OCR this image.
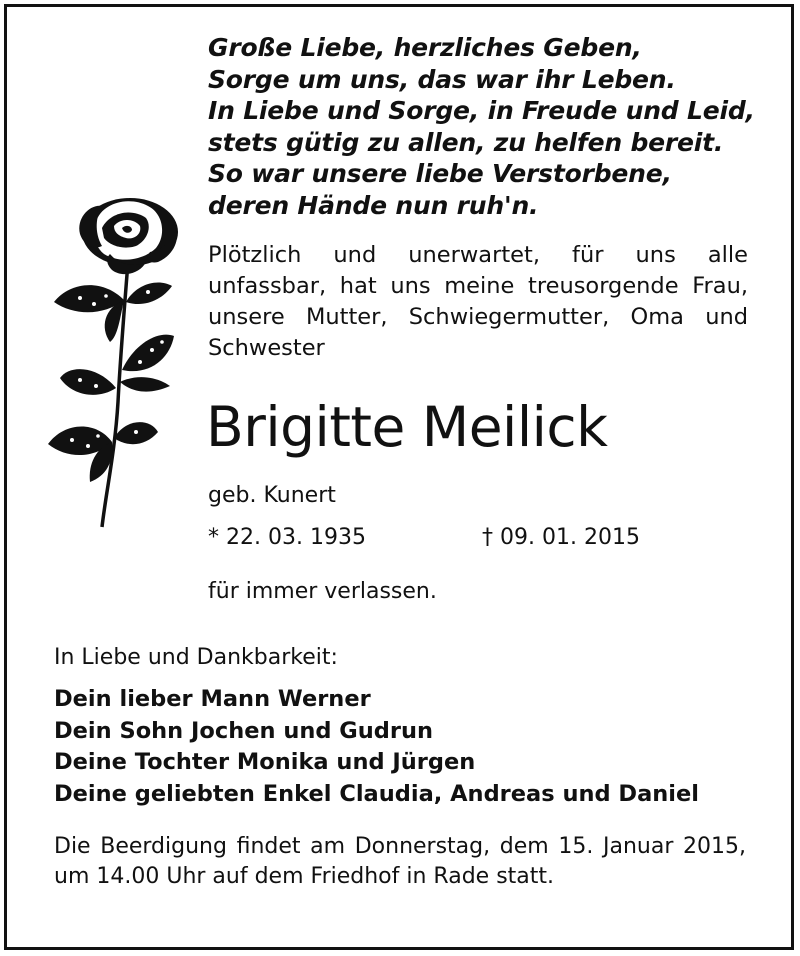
Große Liebe, herzliches Geben,
Sorge um uns, das war ihr Leben.
In Liebe und Sorge, in Freude und Leid,
stets gütig zu allen, zu helfen bereit.
So war unsere liebe Verstorbene,
deren Hände nun ruh'n.
Plötzlich und unerwartet, für uns alle unfassbar, hat uns meine treusorgende Frau, unsere Mutter, Schwiegermutter, Oma und Schwester
Brigitte Meilick
geb. Kunert
* 22. 03. 1935	† 09. 01. 2015
für immer verlassen.
In Liebe und Dankbarkeit:
Dein lieber Mann Werner
Dein Sohn Jochen und Gudrun
Deine Tochter Monika und Jürgen
Deine geliebten Enkel Claudia, Andreas und Daniel
Die Beerdigung findet am Donnerstag, dem 15. Januar 2015, um 14.00 Uhr auf dem Friedhof in Rade statt.
